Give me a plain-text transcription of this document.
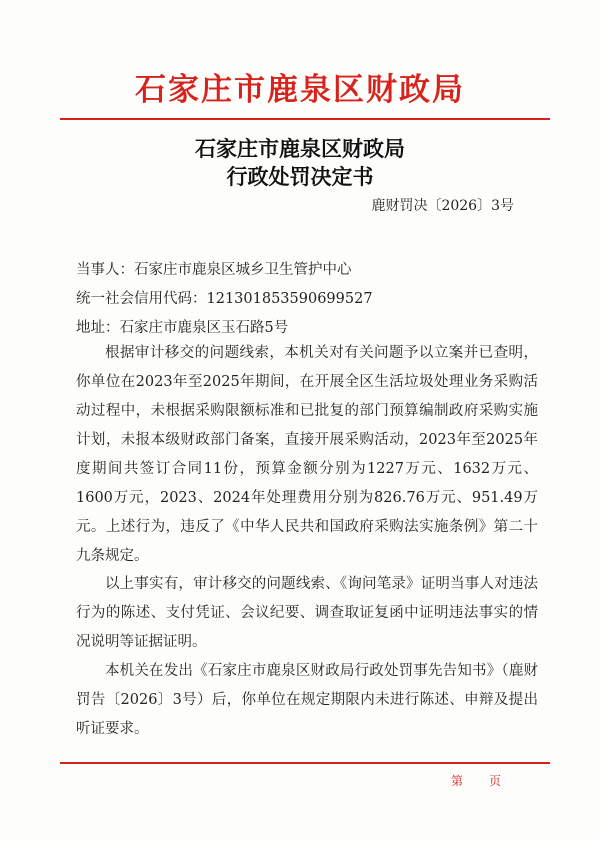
石家庄市鹿泉区财政局
石家庄市鹿泉区财政局
行政处罚决定书
鹿财罚决〔2026〕3号
当事人：石家庄市鹿泉区城乡卫生管护中心
统一社会信用代码：121301853590699527
地址：石家庄市鹿泉区玉石路5号

根据审计移交的问题线索，本机关对有关问题予以立案并已查明，你单位在2023年至2025年期间，在开展全区生活垃圾处理业务采购活动过程中，未根据采购限额标准和已批复的部门预算编制政府采购实施计划，未报本级财政部门备案，直接开展采购活动，2023年至2025年度期间共签订合同11份，预算金额分别为1227万元、1632万元、1600万元，2023、2024年处理费用分别为826.76万元、951.49万元。上述行为，违反了《中华人民共和国政府采购法实施条例》第二十九条规定。

以上事实有，审计移交的问题线索、《询问笔录》证明当事人对违法行为的陈述、支付凭证、会议纪要、调查取证复函中证明违法事实的情况说明等证据证明。

本机关在发出《石家庄市鹿泉区财政局行政处罚事先告知书》（鹿财罚告〔2026〕3号）后，你单位在规定期限内未进行陈述、申辩及提出听证要求。

第 页
